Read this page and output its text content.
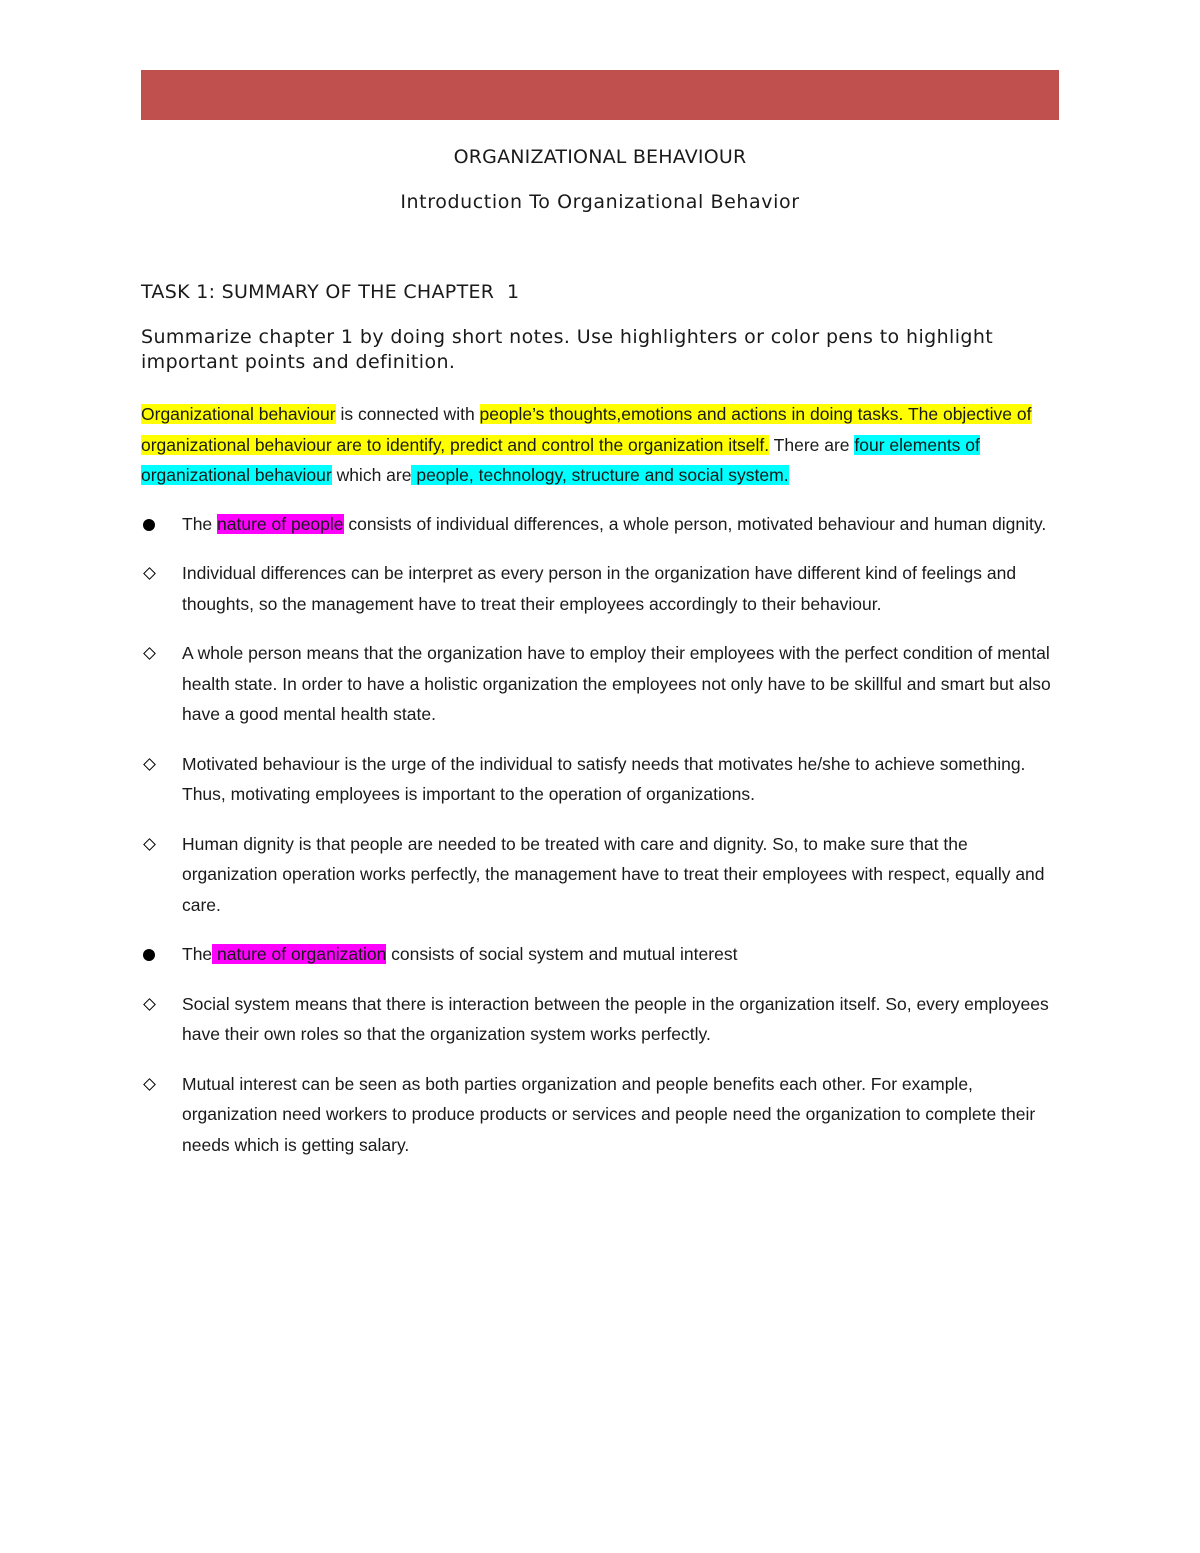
ORGANIZATIONAL BEHAVIOUR
Introduction To Organizational Behavior
TASK 1: SUMMARY OF THE CHAPTER  1
Summarize chapter 1 by doing short notes. Use highlighters or color pens to highlight important points and definition.

Organizational behaviour is connected with people’s thoughts,emotions and actions in doing tasks. The objective of organizational behaviour are to identify, predict and control the organization itself. There are four elements of organizational behaviour which are people, technology, structure and social system.

The nature of people consists of individual differences, a whole person, motivated behaviour and human dignity.
Individual differences can be interpret as every person in the organization have different kind of feelings and thoughts, so the management have to treat their employees accordingly to their behaviour.
A whole person means that the organization have to employ their employees with the perfect condition of mental health state. In order to have a holistic organization the employees not only have to be skillful and smart but also have a good mental health state.
Motivated behaviour is the urge of the individual to satisfy needs that motivates he/she to achieve something. Thus, motivating employees is important to the operation of organizations.
Human dignity is that people are needed to be treated with care and dignity. So, to make sure that the organization operation works perfectly, the management have to treat their employees with respect, equally and care.
The nature of organization consists of social system and mutual interest
Social system means that there is interaction between the people in the organization itself. So, every employees have their own roles so that the organization system works perfectly.
Mutual interest can be seen as both parties organization and people benefits each other. For example, organization need workers to produce products or services and people need the organization to complete their needs which is getting salary.
